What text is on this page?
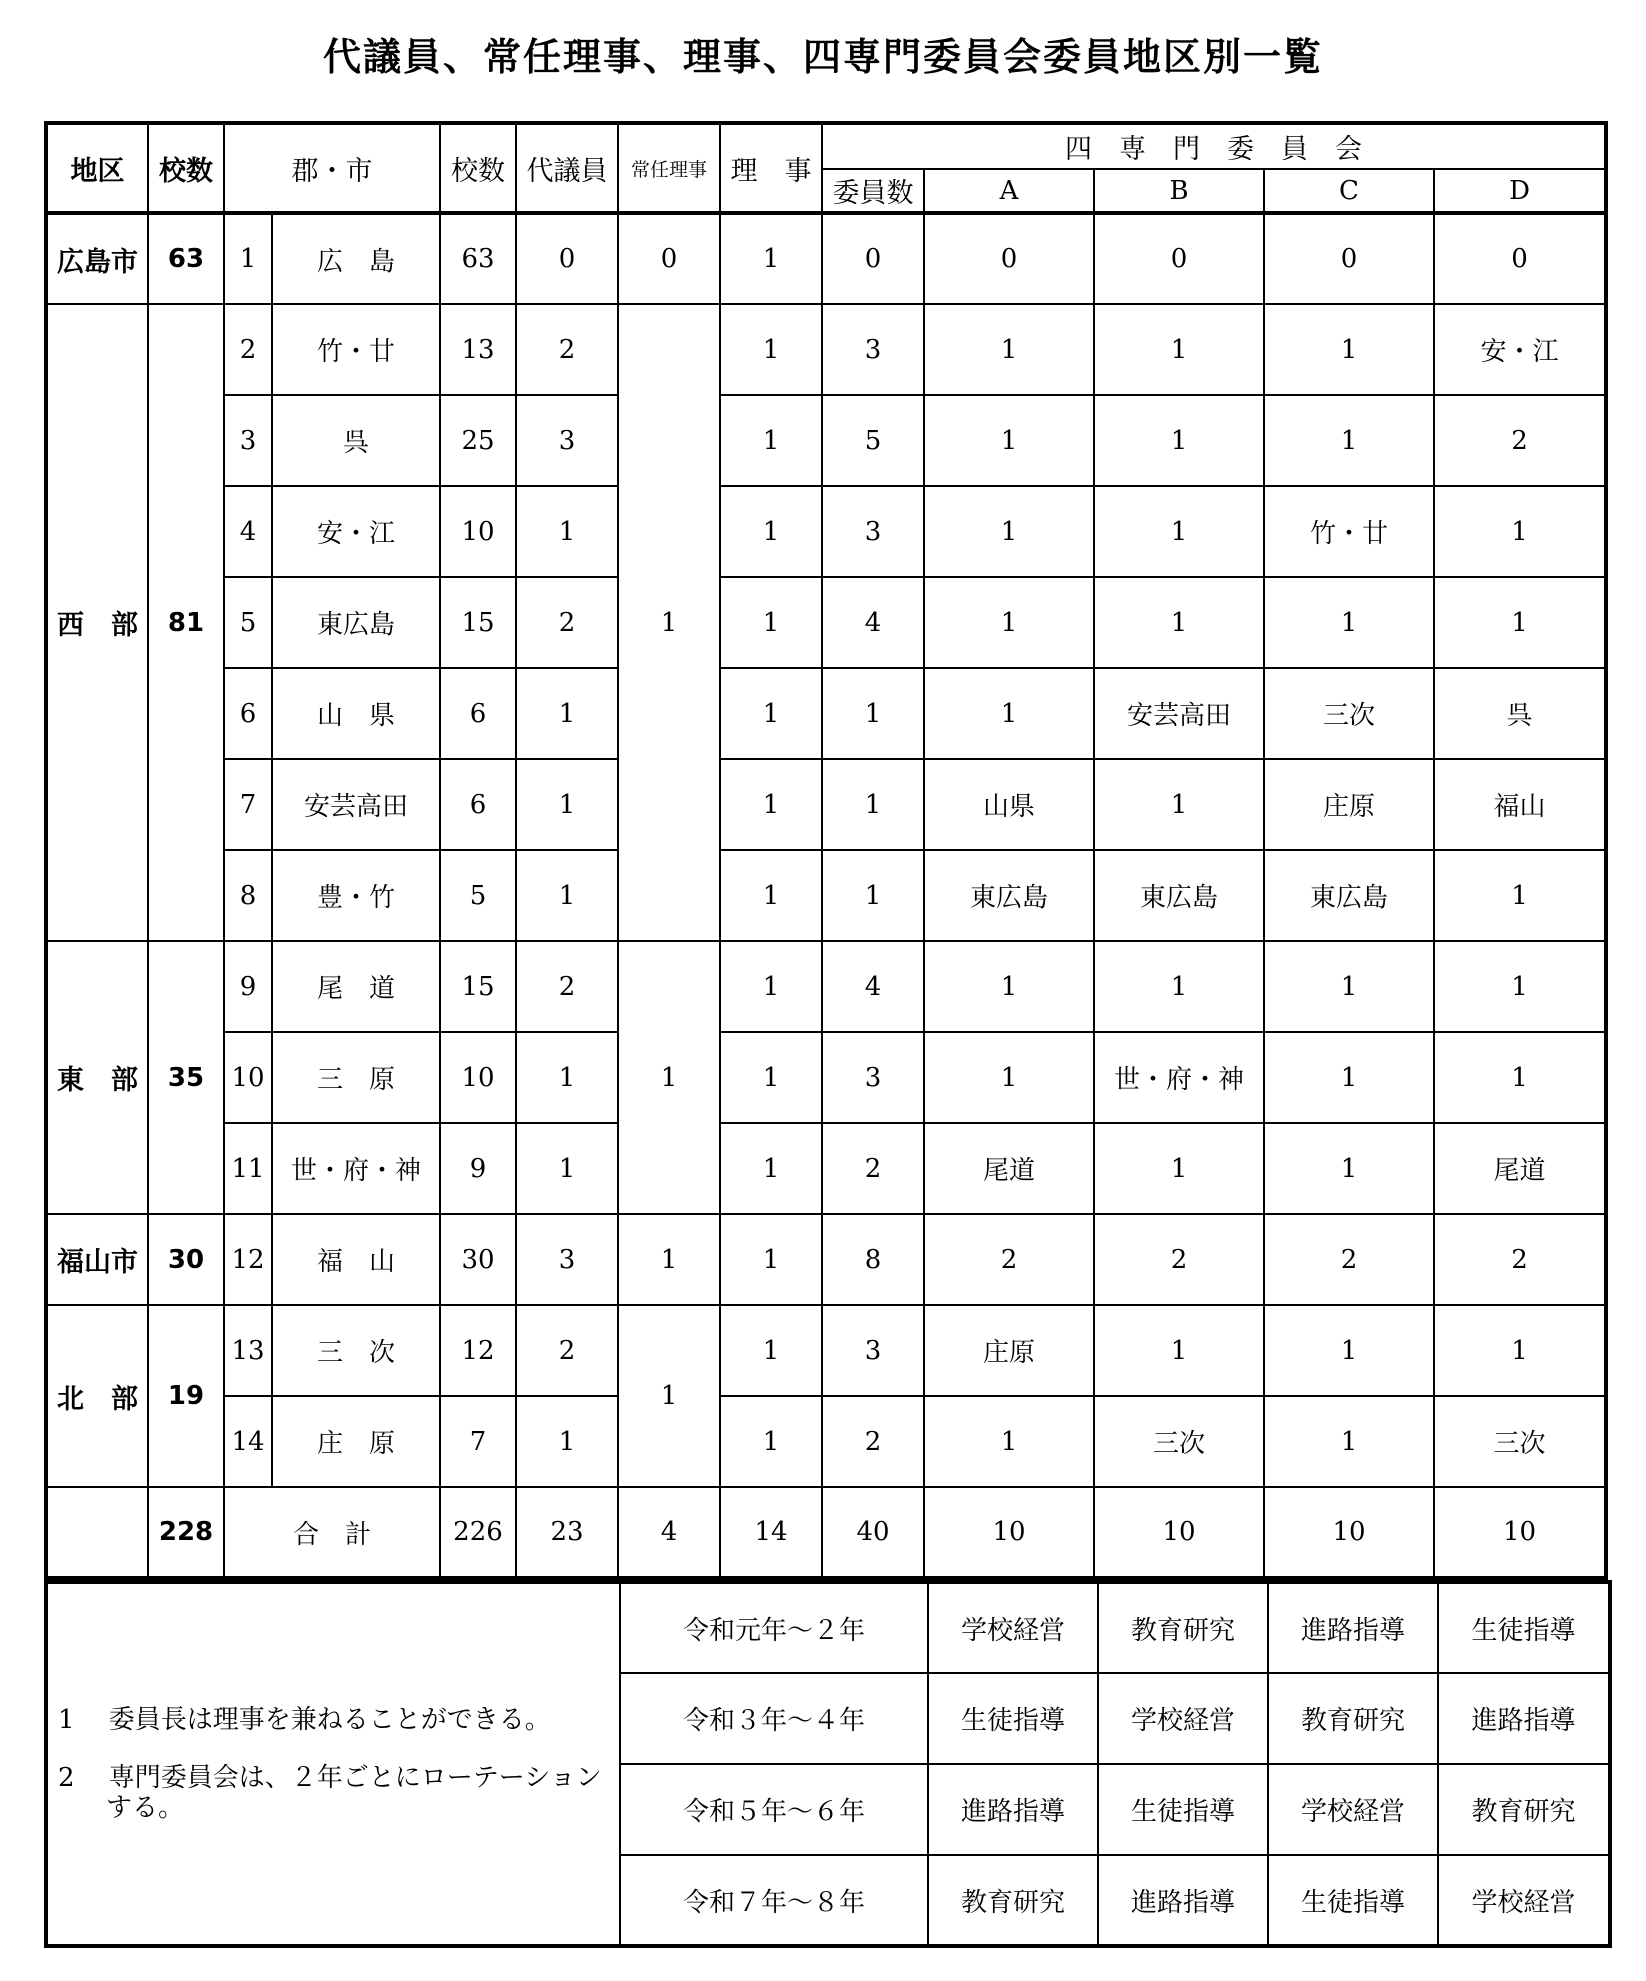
代議員、常任理事、理事、四専門委員会委員地区別一覧
地区	校数	郡・市		校数	代議員	常任理事	理　事	四　専　門　委　員　会				
								委員数	A	B	C	D
広島市	63	1	広　島	63	0	0	1	0	0	0	0	0
西　部	81	2	竹・廿	13	2	1	1	3	1	1	1	安・江
		3	呉	25	3		1	5	1	1	1	2
		4	安・江	10	1		1	3	1	1	竹・廿	1
		5	東広島	15	2		1	4	1	1	1	1
		6	山　県	6	1		1	1	1	安芸高田	三次	呉
		7	安芸高田	6	1		1	1	山県	1	庄原	福山
		8	豊・竹	5	1		1	1	東広島	東広島	東広島	1
東　部	35	9	尾　道	15	2	1	1	4	1	1	1	1
		10	三　原	10	1		1	3	1	世・府・神	1	1
		11	世・府・神	9	1		1	2	尾道	1	1	尾道
福山市	30	12	福　山	30	3	1	1	8	2	2	2	2
北　部	19	13	三　次	12	2	1	1	3	庄原	1	1	1
		14	庄　原	7	1		1	2	1	三次	1	三次
	228	合　計		226	23	4	14	40	10	10	10	10
1　 委員長は理事を兼ねることができる。
2　 専門委員会は、２年ごとにローテーションする。	令和元年～２年	学校経営	教育研究	進路指導	生徒指導
	令和３年～４年	生徒指導	学校経営	教育研究	進路指導
	令和５年～６年	進路指導	生徒指導	学校経営	教育研究
	令和７年～８年	教育研究	進路指導	生徒指導	学校経営
